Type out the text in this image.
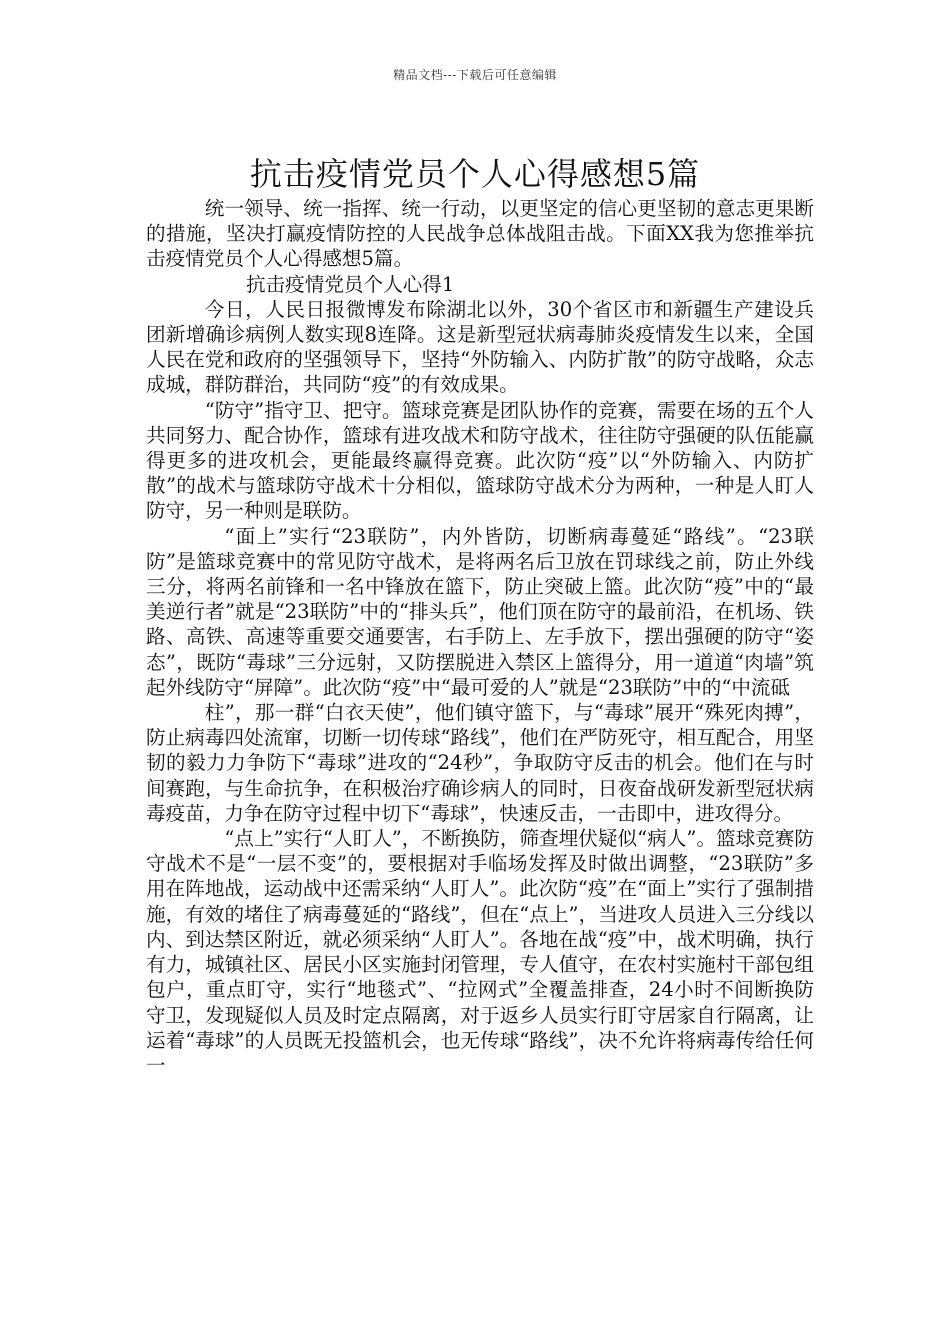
精品文档---下载后可任意编辑
抗击疫情党员个人心得感想5篇

统一领导、统一指挥、统一行动，以更坚定的信心更坚韧的意志更果断的措施，坚决打赢疫情防控的人民战争总体战阻击战。下面XX我为您推举抗击疫情党员个人心得感想5篇。

抗击疫情党员个人心得1

今日，人民日报微博发布除湖北以外，30个省区市和新疆生产建设兵团新增确诊病例人数实现8连降。这是新型冠状病毒肺炎疫情发生以来，全国人民在党和政府的坚强领导下，坚持“外防输入、内防扩散”的防守战略，众志成城，群防群治，共同防“疫”的有效成果。

“防守”指守卫、把守。篮球竞赛是团队协作的竞赛，需要在场的五个人共同努力、配合协作，篮球有进攻战术和防守战术，往往防守强硬的队伍能赢得更多的进攻机会，更能最终赢得竞赛。此次防“疫”以“外防输入、内防扩散”的战术与篮球防守战术十分相似，篮球防守战术分为两种，一种是人盯人防守，另一种则是联防。

“面上”实行“23联防”，内外皆防，切断病毒蔓延“路线”。“23联防”是篮球竞赛中的常见防守战术，是将两名后卫放在罚球线之前，防止外线三分，将两名前锋和一名中锋放在篮下，防止突破上篮。此次防“疫”中的“最美逆行者”就是“23联防”中的“排头兵”，他们顶在防守的最前沿，在机场、铁路、高铁、高速等重要交通要害，右手防上、左手放下，摆出强硬的防守“姿态”，既防“毒球”三分远射，又防摆脱进入禁区上篮得分，用一道道“肉墙”筑起外线防守“屏障”。此次防“疫”中“最可爱的人”就是“23联防”中的“中流砥

柱”，那一群“白衣天使”，他们镇守篮下，与“毒球”展开“殊死肉搏”，防止病毒四处流窜，切断一切传球“路线”，他们在严防死守，相互配合，用坚韧的毅力力争防下“毒球”进攻的“24秒”，争取防守反击的机会。他们在与时间赛跑，与生命抗争，在积极治疗确诊病人的同时，日夜奋战研发新型冠状病毒疫苗，力争在防守过程中切下“毒球”，快速反击，一击即中，进攻得分。

“点上”实行“人盯人”，不断换防，筛查埋伏疑似“病人”。篮球竞赛防守战术不是“一层不变”的，要根据对手临场发挥及时做出调整，“23联防”多用在阵地战，运动战中还需采纳“人盯人”。此次防“疫”在“面上”实行了强制措施，有效的堵住了病毒蔓延的“路线”，但在“点上”，当进攻人员进入三分线以内、到达禁区附近，就必须采纳“人盯人”。各地在战“疫”中，战术明确，执行有力，城镇社区、居民小区实施封闭管理，专人值守，在农村实施村干部包组包户，重点盯守，实行“地毯式”、“拉网式”全覆盖排查，24小时不间断换防守卫，发现疑似人员及时定点隔离，对于返乡人员实行盯守居家自行隔离，让运着“毒球”的人员既无投篮机会，也无传球“路线”，决不允许将病毒传给任何一
